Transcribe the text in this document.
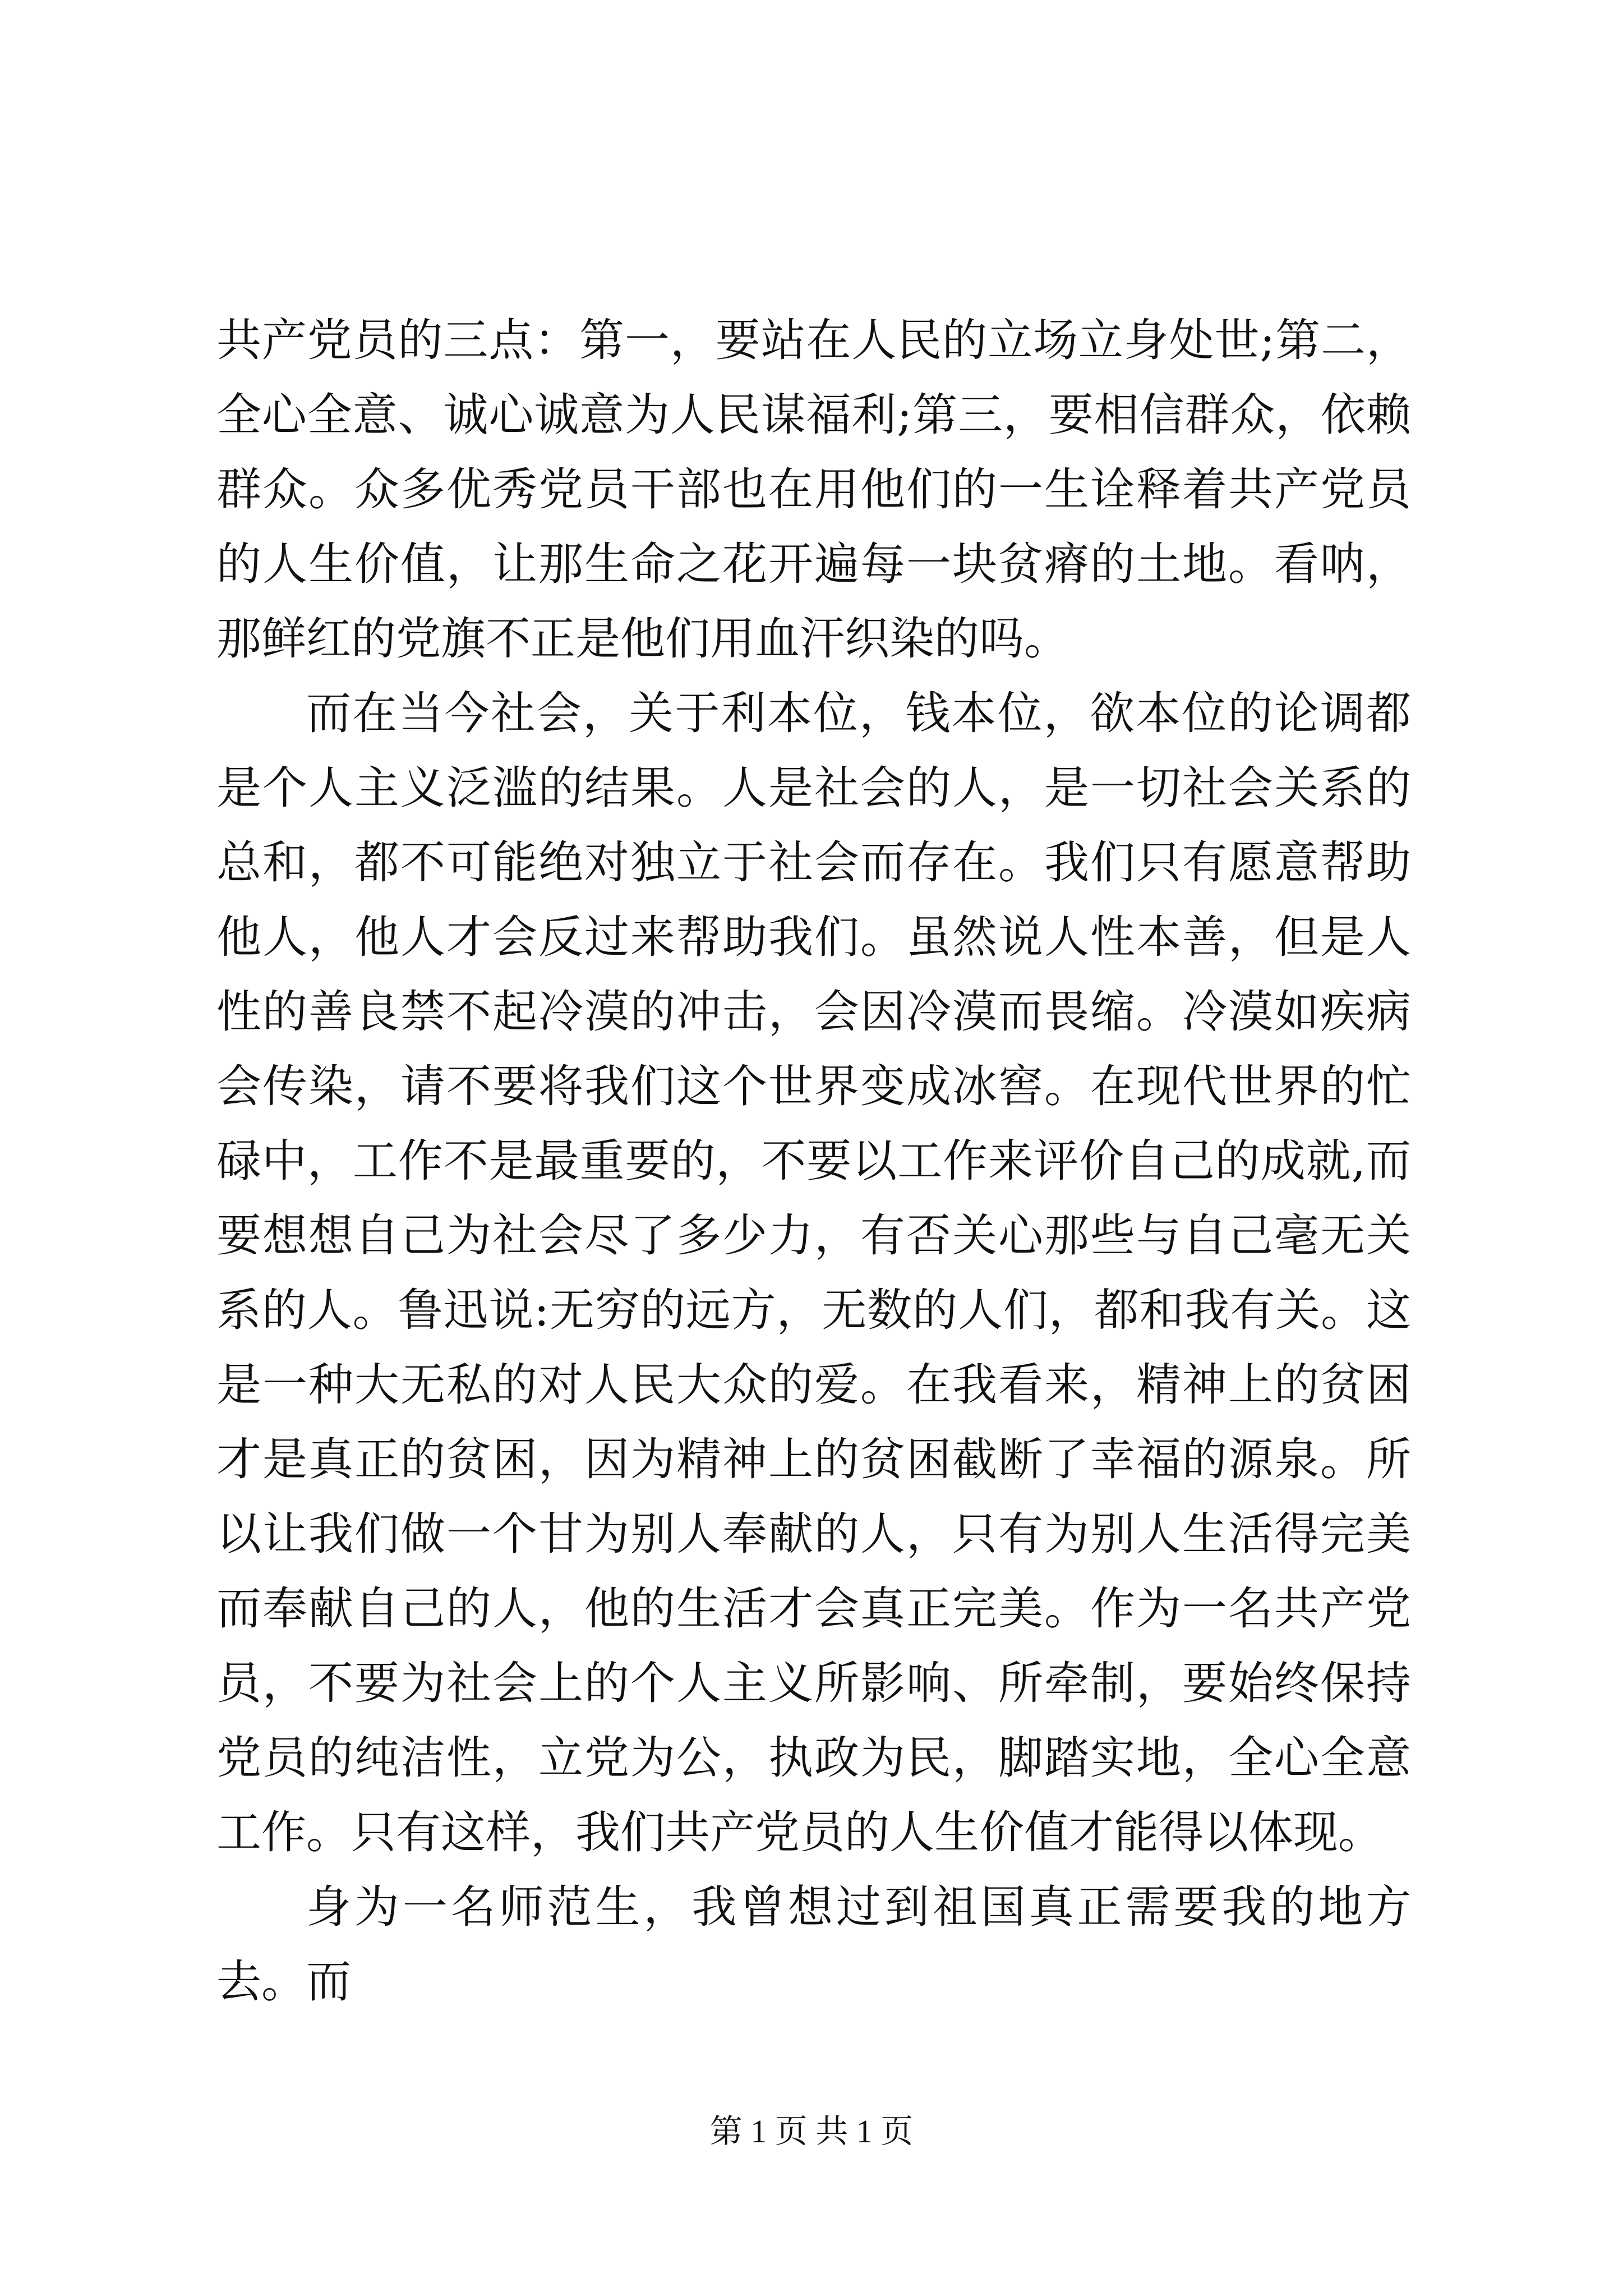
共产党员的三点：第一，要站在人民的立场立身处世;第二，全心全意、诚心诚意为人民谋福利;第三，要相信群众，依赖群众。众多优秀党员干部也在用他们的一生诠释着共产党员的人生价值，让那生命之花开遍每一块贫瘠的土地。看呐，那鲜红的党旗不正是他们用血汗织染的吗。

而在当今社会，关于利本位，钱本位，欲本位的论调都是个人主义泛滥的结果。人是社会的人，是一切社会关系的总和，都不可能绝对独立于社会而存在。我们只有愿意帮助他人，他人才会反过来帮助我们。虽然说人性本善，但是人性的善良禁不起冷漠的冲击，会因冷漠而畏缩。冷漠如疾病会传染，请不要将我们这个世界变成冰窖。在现代世界的忙碌中，工作不是最重要的，不要以工作来评价自己的成就,而要想想自己为社会尽了多少力，有否关心那些与自己毫无关系的人。鲁迅说:无穷的远方，无数的人们，都和我有关。这是一种大无私的对人民大众的爱。在我看来，精神上的贫困才是真正的贫困，因为精神上的贫困截断了幸福的源泉。所以让我们做一个甘为别人奉献的人，只有为别人生活得完美而奉献自己的人，他的生活才会真正完美。作为一名共产党员，不要为社会上的个人主义所影响、所牵制，要始终保持党员的纯洁性，立党为公，执政为民，脚踏实地，全心全意工作。只有这样，我们共产党员的人生价值才能得以体现。

身为一名师范生，我曾想过到祖国真正需要我的地方去。而

第 1 页 共 1 页
